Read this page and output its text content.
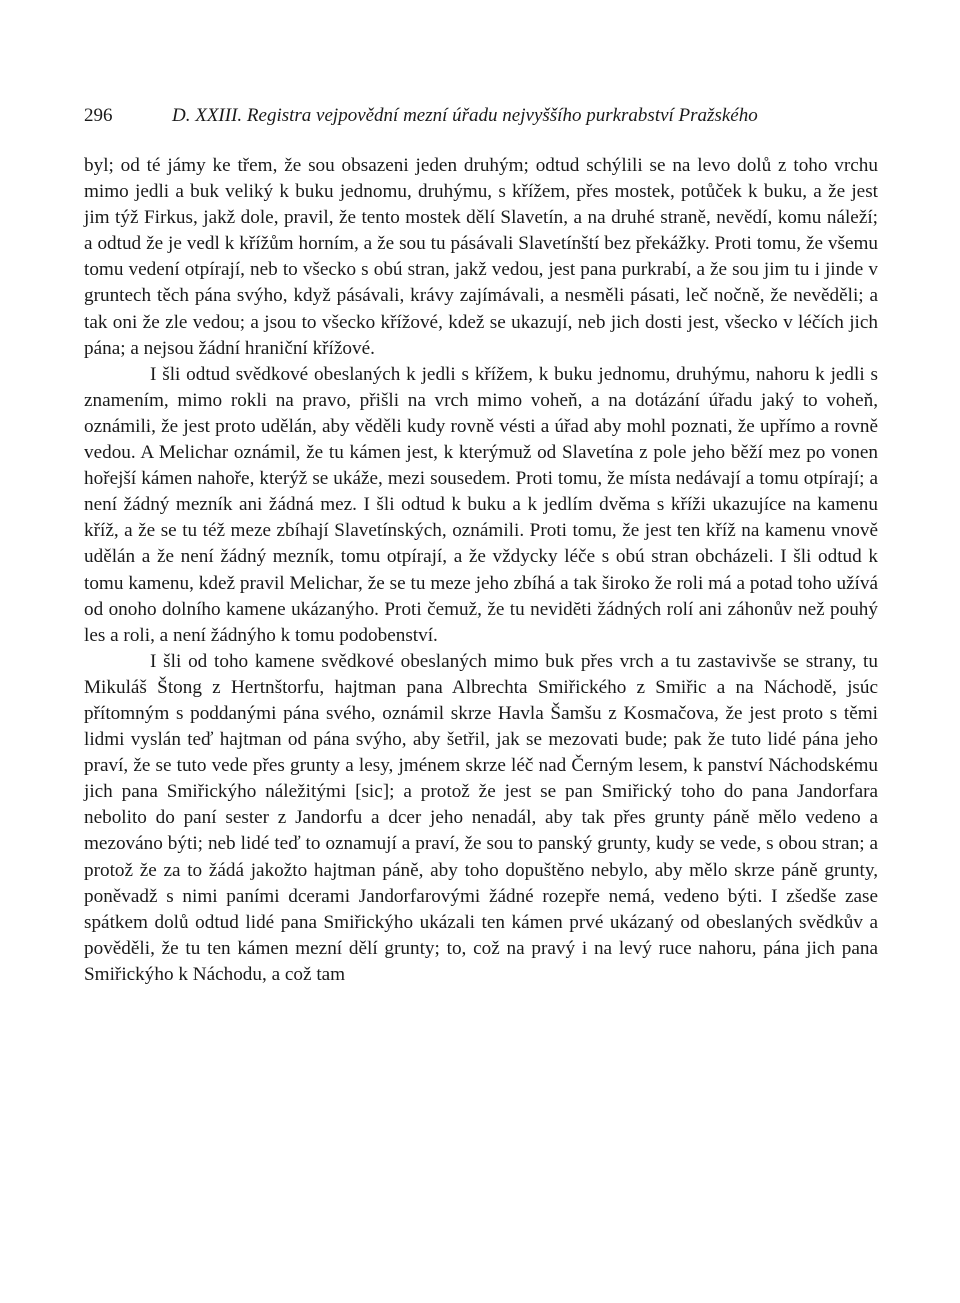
296	D. XXIII. Registra vejpovědní mezní úřadu nejvyššího purkrabství Pražského

byl; od té jámy ke třem, že sou obsazeni jeden druhým; odtud schýlili se na levo dolů z toho vrchu mimo jedli a buk veliký k buku jednomu, druhýmu, s křížem, přes mostek, potůček k buku, a že jest jim týž Firkus, jakž dole, pravil, že tento mostek dělí Slavetín, a na druhé straně, nevědí, komu náleží; a odtud že je vedl k křížům horním, a že sou tu pásávali Slavetínští bez překážky. Proti tomu, že všemu tomu vedení otpírají, neb to všecko s obú stran, jakž vedou, jest pana purkrabí, a že sou jim tu i jinde v gruntech těch pána svýho, když pásávali, krávy zajímávali, a nesměli pásati, leč nočně, že nevěděli; a tak oni že zle vedou; a jsou to všecko křížové, kdež se ukazují, neb jich dosti jest, všecko v léčích jich pána; a nejsou žádní hraniční křížové.

I šli odtud svědkové obeslaných k jedli s křížem, k buku jednomu, druhýmu, nahoru k jedli s znamením, mimo rokli na pravo, přišli na vrch mimo voheň, a na dotázání úřadu jaký to voheň, oznámili, že jest proto udělán, aby věděli kudy rovně vésti a úřad aby mohl poznati, že upřímo a rovně vedou. A Melichar oznámil, že tu kámen jest, k kterýmuž od Slavetína z pole jeho běží mez po vonen hořejší kámen nahoře, kterýž se ukáže, mezi sousedem. Proti tomu, že místa nedávají a tomu otpírají; a není žádný mezník ani žádná mez. I šli odtud k buku a k jedlím dvěma s kříži ukazujíce na kamenu kříž, a že se tu též meze zbíhají Slavetínských, oznámili. Proti tomu, že jest ten kříž na kamenu vnově udělán a že není žádný mezník, tomu otpírají, a že vždycky léče s obú stran obcházeli. I šli odtud k tomu kamenu, kdež pravil Melichar, že se tu meze jeho zbíhá a tak široko že roli má a potad toho užívá od onoho dolního kamene ukázanýho. Proti čemuž, že tu nevidĕti žádných rolí ani záhonův než pouhý les a roli, a není žádnýho k tomu podobenství.

I šli od toho kamene svědkové obeslaných mimo buk přes vrch a tu zastavivše se strany, tu Mikuláš Štong z Hertnštorfu, hajtman pana Albrechta Smiřického z Smiřic a na Náchodě, jsúc přítomným s poddanými pána svého, oznámil skrze Havla Šamšu z Kosmačova, že jest proto s těmi lidmi vyslán teď hajtman od pána svýho, aby šetřil, jak se mezovati bude; pak že tuto lidé pána jeho praví, že se tuto vede přes grunty a lesy, jménem skrze léč nad Černým lesem, k panství Náchodskému jich pana Smiřickýho náležitými [sic]; a protož že jest se pan Smiřický toho do pana Jandorfara nebolito do paní sester z Jandorfu a dcer jeho nenadál, aby tak přes grunty páně mělo vedeno a mezováno býti; neb lidé teď to oznamují a praví, že sou to panský grunty, kudy se vede, s obou stran; a protož že za to žádá jakožto hajtman páně, aby toho dopuštěno nebylo, aby mělo skrze páně grunty, poněvadž s nimi paními dcerami Jandorfarovými žádné rozepře nemá, vedeno býti. I zšedše zase spátkem dolů odtud lidé pana Smiřickýho ukázali ten kámen prvé ukázaný od obeslaných svědkův a pověděli, že tu ten kámen mezní dělí grunty; to, což na pravý i na levý ruce nahoru, pána jich pana Smiřickýho k Náchodu, a což tam
